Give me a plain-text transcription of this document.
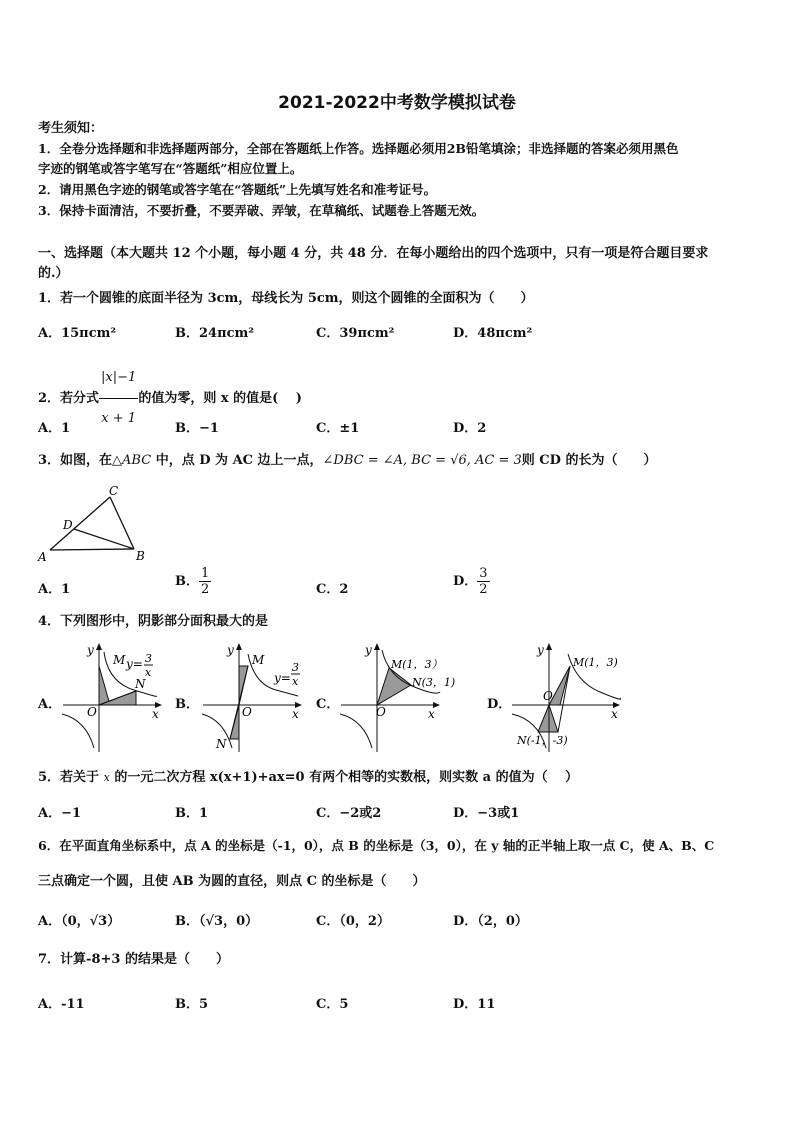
2021-2022中考数学模拟试卷
考生须知：
1．全卷分选择题和非选择题两部分，全部在答题纸上作答。选择题必须用2B铅笔填涂；非选择题的答案必须用黑色
字迹的钢笔或答字笔写在“答题纸”相应位置上。
2．请用黑色字迹的钢笔或答字笔在“答题纸”上先填写姓名和准考证号。
3．保持卡面清洁，不要折叠，不要弄破、弄皱，在草稿纸、试题卷上答题无效。
一、选择题（本大题共 12 个小题，每小题 4 分，共 48 分．在每小题给出的四个选项中，只有一项是符合题目要求
的.）
1．若一个圆锥的底面半径为 3cm，母线长为 5cm，则这个圆锥的全面积为（　　）
A．15πcm²	B．24πcm²	C．39πcm²	D．48πcm²
2．若分式 $\frac{|x|-1}{x + 1}$ 的值为零，则 x 的值是(　 )
A．1	B．−1	C．±1	D．2
3．如图，在△ABC 中，点 D 为 AC 边上一点，∠DBC = ∠A, BC = √6, AC = 3则 CD 的长为（　　）
A	B
C
D
A．1
B． $\frac{1}{2}$	C．2
D． $\frac{3}{2}$
4．下列图形中，阴影部分面积最大的是
A．	B．	C．	D．
y
x
O
M
N
y= 3
x
y
x
O
M
N
y=
3
x
y
x
O
M(1，3）
N(3，1)
y
x
O
M(1，3)
N(-1，-3)
5．若关于 $^x$ 的一元二次方程 x(x+1)+ax=0 有两个相等的实数根，则实数 a 的值为（　 ）
A．−1	B．1	C．−2或2	D．−3或1
6．在平面直角坐标系中，点 A 的坐标是（-1，0），点 B 的坐标是（3，0），在 y 轴的正半轴上取一点 C，使 A、B、C
三点确定一个圆，且使 AB 为圆的直径，则点 C 的坐标是（　　）
A．（0，√3）	B．（√3，0）	C．（0，2）	D．（2，0）
7．计算-8+3 的结果是（　　）
A．-11	B．5	C．5	D．11
